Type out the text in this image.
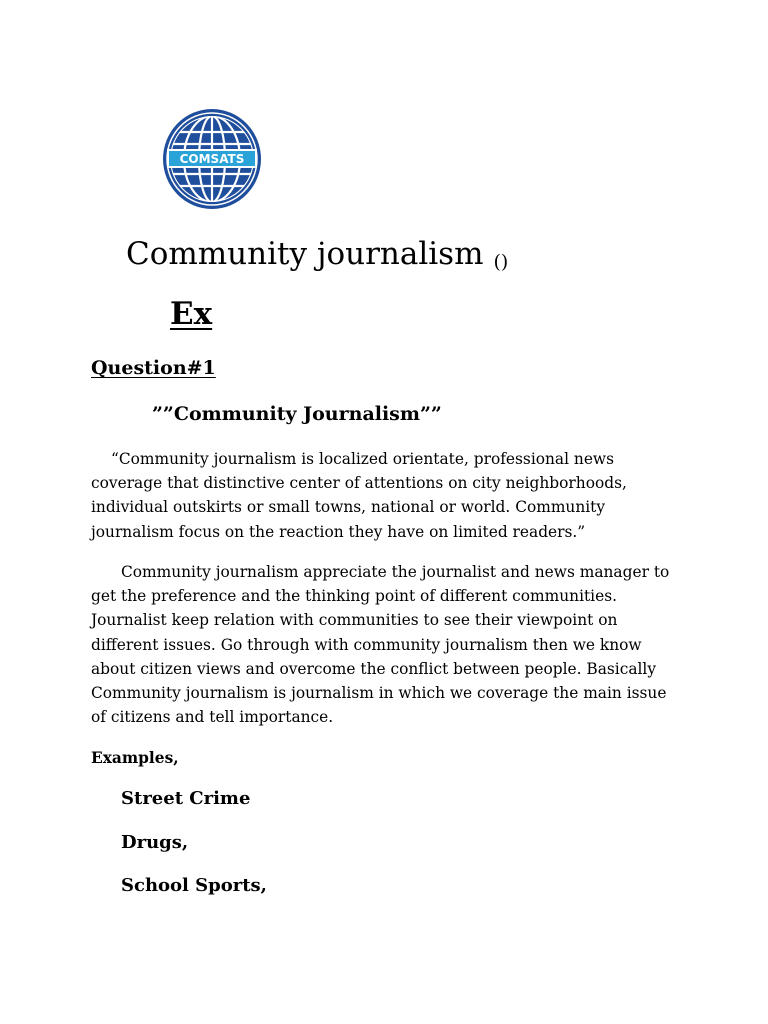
COMSATS
Community journalism ()
Ex
Question#1
””Community Journalism””

“Community journalism is localized orientate, professional news coverage that distinctive center of attentions on city neighborhoods, individual outskirts or small towns, national or world. Community journalism focus on the reaction they have on limited readers.”

Community journalism appreciate the journalist and news manager to get the preference and the thinking point of different communities. Journalist keep relation with communities to see their viewpoint on different issues. Go through with community journalism then we know about citizen views and overcome the conflict between people. Basically Community journalism is journalism in which we coverage the main issue of citizens and tell importance.

Examples,
Street Crime
Drugs,
School Sports,
